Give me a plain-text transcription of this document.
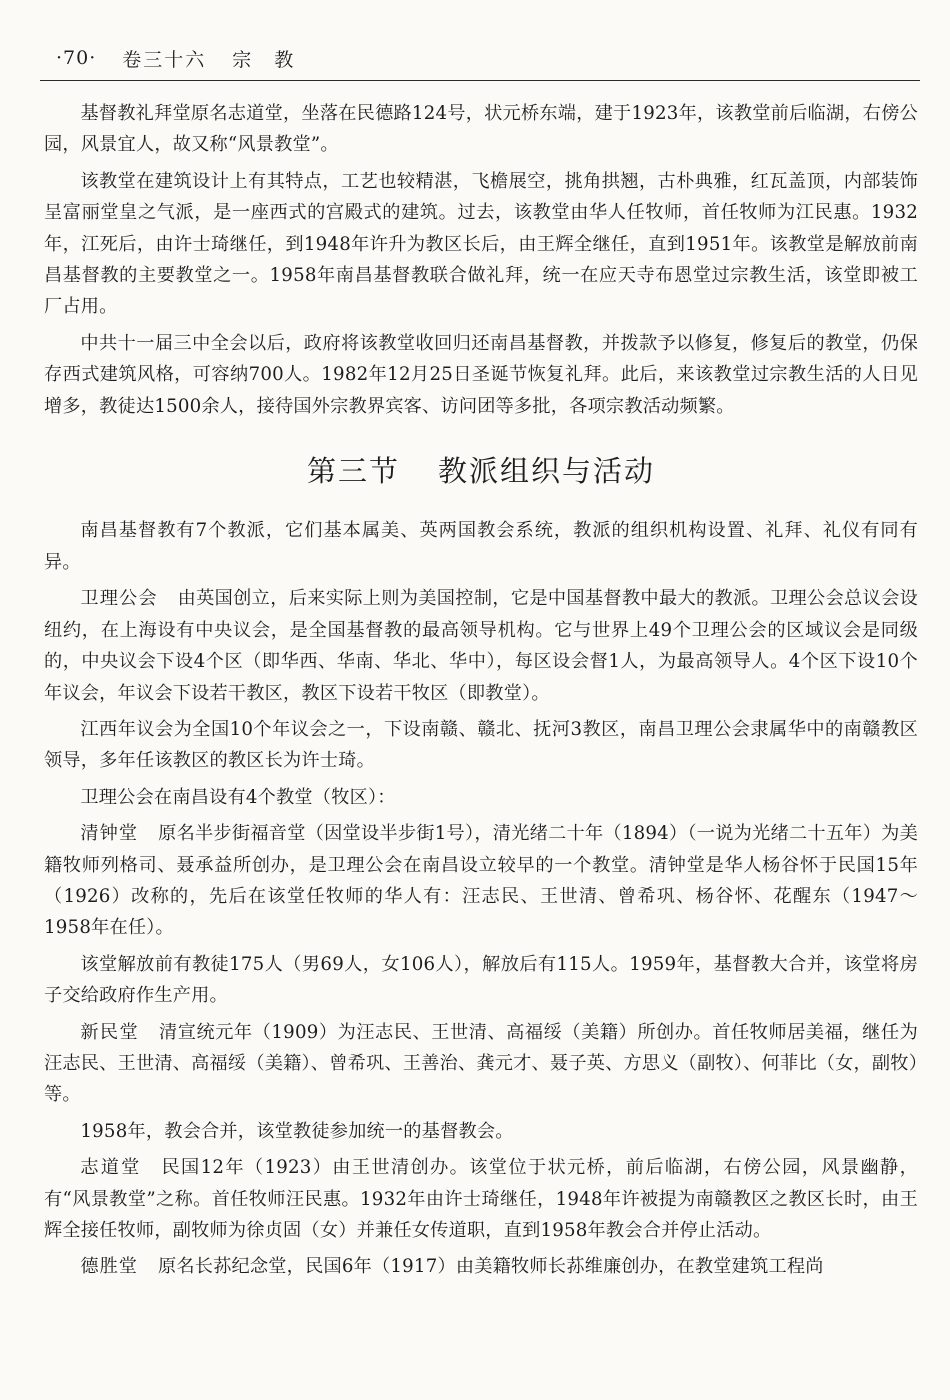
·70· 卷三十六 宗　教

基督教礼拜堂原名志道堂，坐落在民德路124号，状元桥东端，建于1923年，该教堂前后临湖，右傍公园，风景宜人，故又称“风景教堂”。

该教堂在建筑设计上有其特点，工艺也较精湛，飞檐展空，挑角拱翘，古朴典雅，红瓦盖顶，内部装饰呈富丽堂皇之气派，是一座西式的宫殿式的建筑。过去，该教堂由华人任牧师，首任牧师为江民惠。1932年，江死后，由许士琦继任，到1948年许升为教区长后，由王辉全继任，直到1951年。该教堂是解放前南昌基督教的主要教堂之一。1958年南昌基督教联合做礼拜，统一在应天寺布恩堂过宗教生活，该堂即被工厂占用。

中共十一届三中全会以后，政府将该教堂收回归还南昌基督教，并拨款予以修复，修复后的教堂，仍保存西式建筑风格，可容纳700人。1982年12月25日圣诞节恢复礼拜。此后，来该教堂过宗教生活的人日见增多，教徒达1500余人，接待国外宗教界宾客、访问团等多批，各项宗教活动频繁。

第三节 教派组织与活动

南昌基督教有7个教派，它们基本属美、英两国教会系统，教派的组织机构设置、礼拜、礼仪有同有异。

卫理公会 由英国创立，后来实际上则为美国控制，它是中国基督教中最大的教派。卫理公会总议会设纽约，在上海设有中央议会，是全国基督教的最高领导机构。它与世界上49个卫理公会的区域议会是同级的，中央议会下设4个区（即华西、华南、华北、华中），每区设会督1人，为最高领导人。4个区下设10个年议会，年议会下设若干教区，教区下设若干牧区（即教堂）。

江西年议会为全国10个年议会之一，下设南赣、赣北、抚河3教区，南昌卫理公会隶属华中的南赣教区领导，多年任该教区的教区长为许士琦。

卫理公会在南昌设有4个教堂（牧区）：

清钟堂 原名半步街福音堂（因堂设半步街1号），清光绪二十年（1894）（一说为光绪二十五年）为美籍牧师列格司、聂承益所创办，是卫理公会在南昌设立较早的一个教堂。清钟堂是华人杨谷怀于民国15年（1926）改称的，先后在该堂任牧师的华人有：汪志民、王世清、曾希巩、杨谷怀、花醒东（1947～1958年在任）。

该堂解放前有教徒175人（男69人，女106人），解放后有115人。1959年，基督教大合并，该堂将房子交给政府作生产用。

新民堂 清宣统元年（1909）为汪志民、王世清、高福绥（美籍）所创办。首任牧师居美福，继任为汪志民、王世清、高福绥（美籍）、曾希巩、王善治、龚元才、聂子英、方思义（副牧）、何菲比（女，副牧）等。

1958年，教会合并，该堂教徒参加统一的基督教会。

志道堂 民国12年（1923）由王世清创办。该堂位于状元桥，前后临湖，右傍公园，风景幽静，有“风景教堂”之称。首任牧师汪民惠。1932年由许士琦继任，1948年许被提为南赣教区之教区长时，由王辉全接任牧师，副牧师为徐贞固（女）并兼任女传道职，直到1958年教会合并停止活动。

德胜堂 原名长荪纪念堂，民国6年（1917）由美籍牧师长荪维廉创办，在教堂建筑工程尚
